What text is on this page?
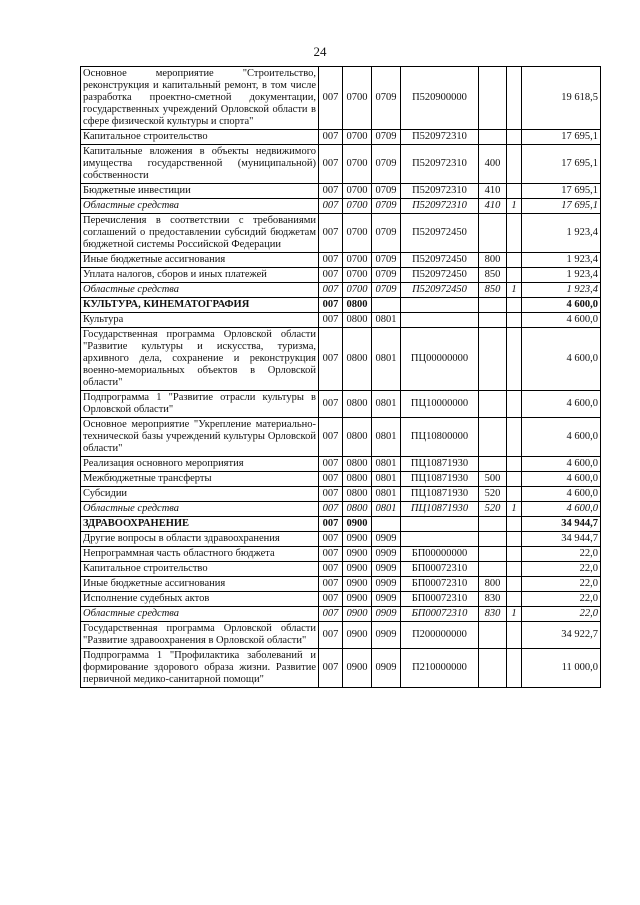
24
Основное мероприятие "Строительство, реконструкция и капитальный ремонт, в том числе разработка проектно-сметной документации, государственных учреждений Орловской области в сфере физической культуры и спорта"	007	0700	0709	П520900000			19 618,5
Капитальное строительство	007	0700	0709	П520972310			17 695,1
Капитальные вложения в объекты недвижимого имущества государственной (муниципальной) собственности	007	0700	0709	П520972310	400		17 695,1
Бюджетные инвестиции	007	0700	0709	П520972310	410		17 695,1
Областные средства	007	0700	0709	П520972310	410	1	17 695,1
Перечисления в соответствии с требованиями соглашений о предоставлении субсидий бюджетам бюджетной системы Российской Федерации	007	0700	0709	П520972450			1 923,4
Иные бюджетные ассигнования	007	0700	0709	П520972450	800		1 923,4
Уплата налогов, сборов и иных платежей	007	0700	0709	П520972450	850		1 923,4
Областные средства	007	0700	0709	П520972450	850	1	1 923,4
КУЛЬТУРА, КИНЕМАТОГРАФИЯ	007	0800					4 600,0
Культура	007	0800	0801				4 600,0
Государственная программа Орловской области "Развитие культуры и искусства, туризма, архивного дела, сохранение и реконструкция военно-мемориальных объектов в Орловской области"	007	0800	0801	ПЦ00000000			4 600,0
Подпрограмма 1 "Развитие отрасли культуры в Орловской области"	007	0800	0801	ПЦ10000000			4 600,0
Основное мероприятие "Укрепление материально-технической базы учреждений культуры Орловской области"	007	0800	0801	ПЦ10800000			4 600,0
Реализация основного мероприятия	007	0800	0801	ПЦ10871930			4 600,0
Межбюджетные трансферты	007	0800	0801	ПЦ10871930	500		4 600,0
Субсидии	007	0800	0801	ПЦ10871930	520		4 600,0
Областные средства	007	0800	0801	ПЦ10871930	520	1	4 600,0
ЗДРАВООХРАНЕНИЕ	007	0900					34 944,7
Другие вопросы в области здравоохранения	007	0900	0909				34 944,7
Непрограммная часть областного бюджета	007	0900	0909	БП00000000			22,0
Капитальное строительство	007	0900	0909	БП00072310			22,0
Иные бюджетные ассигнования	007	0900	0909	БП00072310	800		22,0
Исполнение судебных актов	007	0900	0909	БП00072310	830		22,0
Областные средства	007	0900	0909	БП00072310	830	1	22,0
Государственная программа Орловской области "Развитие здравоохранения в Орловской области"	007	0900	0909	П200000000			34 922,7
Подпрограмма 1 "Профилактика заболеваний и формирование здорового образа жизни. Развитие первичной медико-санитарной помощи"	007	0900	0909	П210000000			11 000,0
